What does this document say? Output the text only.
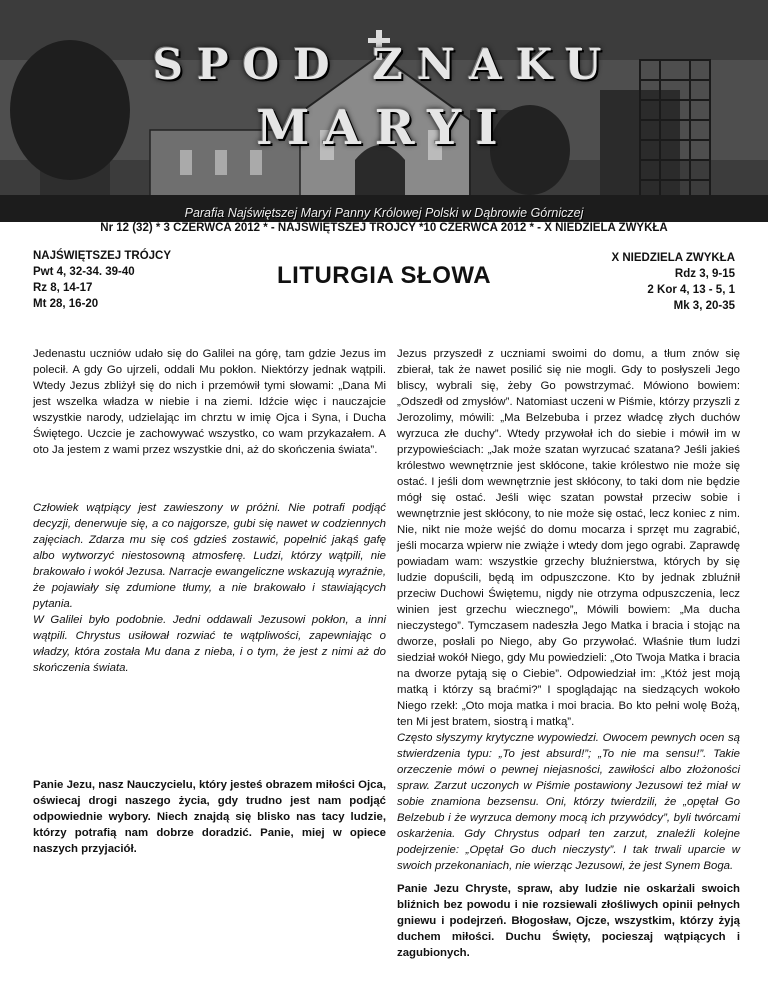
SPOD ZNAKU
MARYI
Parafia Najświętszej Maryi Panny Królowej Polski w Dąbrowie Górniczej
Nr 12 (32) * 3 CZERWCA 2012 * - NAJŚWIĘTSZEJ TRÓJCY *10 CZERWCA 2012 * - X NIEDZIELA ZWYKŁA
NAJŚWIĘTSZEJ TRÓJCY
Pwt 4, 32-34. 39-40
Rz 8, 14-17
Mt 28, 16-20
LITURGIA SŁOWA
X NIEDZIELA ZWYKŁA
Rdz 3, 9-15
2 Kor 4, 13 - 5, 1
Mk 3, 20-35

Jedenastu uczniów udało się do Galilei na górę, tam gdzie Jezus im polecił. A gdy Go ujrzeli, oddali Mu pokłon. Niektórzy jednak wątpili. Wtedy Jezus zbliżył się do nich i przemówił tymi słowami: „Dana Mi jest wszelka władza w niebie i na ziemi. Idźcie więc i nauczajcie wszystkie narody, udzielając im chrztu w imię Ojca i Syna, i Ducha Świętego. Uczcie je zachowywać wszystko, co wam przykazałem. A oto Ja jestem z wami przez wszystkie dni, aż do skończenia świata”.

Człowiek wątpiący jest zawieszony w próżni. Nie potrafi podjąć decyzji, denerwuje się, a co najgorsze, gubi się nawet w codziennych zajęciach. Zdarza mu się coś gdzieś zostawić, popełnić jakąś gafę albo wytworzyć niestosowną atmosferę. Ludzi, którzy wątpili, nie brakowało i wokół Jezusa. Narracje ewangeliczne wskazują wyraźnie, że pojawiały się zdumione tłumy, a nie brakowało i stawiających pytania.

W Galilei było podobnie. Jedni oddawali Jezusowi pokłon, a inni wątpili. Chrystus usiłował rozwiać te wątpliwości, zapewniając o władzy, która została Mu dana z nieba, i o tym, że jest z nimi aż do skończenia świata.

Panie Jezu, nasz Nauczycielu, który jesteś obrazem miłości Ojca, oświecaj drogi naszego życia, gdy trudno jest nam podjąć odpowiednie wybory. Niech znajdą się blisko nas tacy ludzie, którzy potrafią nam dobrze doradzić. Panie, miej w opiece naszych przyjaciół.

Jezus przyszedł z uczniami swoimi do domu, a tłum znów się zbierał, tak że nawet posilić się nie mogli. Gdy to posłyszeli Jego bliscy, wybrali się, żeby Go powstrzymać. Mówiono bowiem: „Odszedł od zmysłów”. Natomiast uczeni w Piśmie, którzy przyszli z Jerozolimy, mówili: „Ma Belzebuba i przez władcę złych duchów wyrzuca złe duchy”. Wtedy przywołał ich do siebie i mówił im w przypowieściach: „Jak może szatan wyrzucać szatana? Jeśli jakieś królestwo wewnętrznie jest skłócone, takie królestwo nie może się ostać. I jeśli dom wewnętrznie jest skłócony, to taki dom nie będzie mógł się ostać. Jeśli więc szatan powstał przeciw sobie i wewnętrznie jest skłócony, to nie może się ostać, lecz koniec z nim. Nie, nikt nie może wejść do domu mocarza i sprzęt mu zagrabić, jeśli mocarza wpierw nie zwiąże i wtedy dom jego ograbi. Zaprawdę powiadam wam: wszystkie grzechy bluźnierstwa, których by się ludzie dopuścili, będą im odpuszczone. Kto by jednak zbluźnił przeciw Duchowi Świętemu, nigdy nie otrzyma odpuszczenia, lecz winien jest grzechu wiecznego”„ Mówili bowiem: „Ma ducha nieczystego”. Tymczasem nadeszła Jego Matka i bracia i stojąc na dworze, posłali po Niego, aby Go przywołać. Właśnie tłum ludzi siedział wokół Niego, gdy Mu powiedzieli: „Oto Twoja Matka i bracia na dworze pytają się o Ciebie”. Odpowiedział im: „Któż jest moją matką i którzy są braćmi?” I spoglądając na siedzących wokoło Niego rzekł: „Oto moja matka i moi bracia. Bo kto pełni wolę Bożą, ten Mi jest bratem, siostrą i matką”.

Często słyszymy krytyczne wypowiedzi. Owocem pewnych ocen są stwierdzenia typu: „To jest absurd!”; „To nie ma sensu!”. Takie orzeczenie mówi o pewnej niejasności, zawiłości albo złożoności spraw. Zarzut uczonych w Piśmie postawiony Jezusowi też miał w sobie znamiona bezsensu. Oni, którzy twierdzili, że „opętał Go Belzebub i że wyrzuca demony mocą ich przywódcy”, byli twórcami oskarżenia. Gdy Chrystus odparł ten zarzut, znaleźli kolejne podejrzenie: „Opętał Go duch nieczysty”. I tak trwali uparcie w swoich przekonaniach, nie wierząc Jezusowi, że jest Synem Boga.

Panie Jezu Chryste, spraw, aby ludzie nie oskarżali swoich bliźnich bez powodu i nie rozsiewali złośliwych opinii pełnych gniewu i podejrzeń. Błogosław, Ojcze, wszystkim, którzy żyją duchem miłości. Duchu Święty, pocieszaj wątpiących i zagubionych.
